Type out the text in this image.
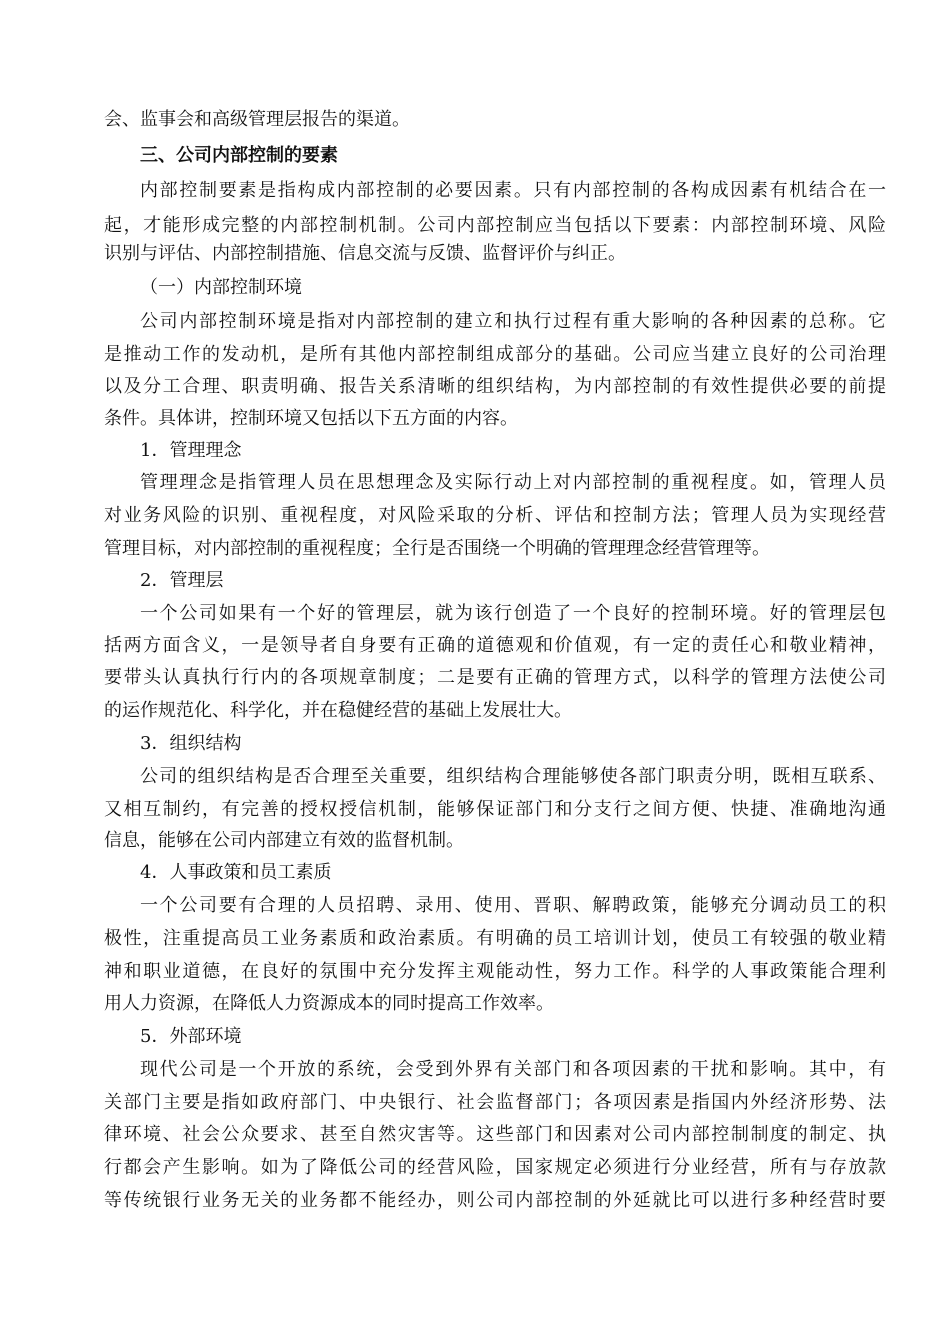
会、监事会和高级管理层报告的渠道。
三、公司内部控制的要素
内部控制要素是指构成内部控制的必要因素。只有内部控制的各构成因素有机结合在一
起，才能形成完整的内部控制机制。公司内部控制应当包括以下要素：内部控制环境、风险
识别与评估、内部控制措施、信息交流与反馈、监督评价与纠正。
（一）内部控制环境
公司内部控制环境是指对内部控制的建立和执行过程有重大影响的各种因素的总称。它
是推动工作的发动机，是所有其他内部控制组成部分的基础。公司应当建立良好的公司治理
以及分工合理、职责明确、报告关系清晰的组织结构，为内部控制的有效性提供必要的前提
条件。具体讲，控制环境又包括以下五方面的内容。
1．管理理念
管理理念是指管理人员在思想理念及实际行动上对内部控制的重视程度。如，管理人员
对业务风险的识别、重视程度，对风险采取的分析、评估和控制方法；管理人员为实现经营
管理目标，对内部控制的重视程度；全行是否围绕一个明确的管理理念经营管理等。
2．管理层
一个公司如果有一个好的管理层，就为该行创造了一个良好的控制环境。好的管理层包
括两方面含义，一是领导者自身要有正确的道德观和价值观，有一定的责任心和敬业精神，
要带头认真执行行内的各项规章制度；二是要有正确的管理方式，以科学的管理方法使公司
的运作规范化、科学化，并在稳健经营的基础上发展壮大。
3．组织结构
公司的组织结构是否合理至关重要，组织结构合理能够使各部门职责分明，既相互联系、
又相互制约，有完善的授权授信机制，能够保证部门和分支行之间方便、快捷、准确地沟通
信息，能够在公司内部建立有效的监督机制。
4．人事政策和员工素质
一个公司要有合理的人员招聘、录用、使用、晋职、解聘政策，能够充分调动员工的积
极性，注重提高员工业务素质和政治素质。有明确的员工培训计划，使员工有较强的敬业精
神和职业道德，在良好的氛围中充分发挥主观能动性，努力工作。科学的人事政策能合理利
用人力资源，在降低人力资源成本的同时提高工作效率。
5．外部环境
现代公司是一个开放的系统，会受到外界有关部门和各项因素的干扰和影响。其中，有
关部门主要是指如政府部门、中央银行、社会监督部门；各项因素是指国内外经济形势、法
律环境、社会公众要求、甚至自然灾害等。这些部门和因素对公司内部控制制度的制定、执
行都会产生影响。如为了降低公司的经营风险，国家规定必须进行分业经营，所有与存放款
等传统银行业务无关的业务都不能经办，则公司内部控制的外延就比可以进行多种经营时要
